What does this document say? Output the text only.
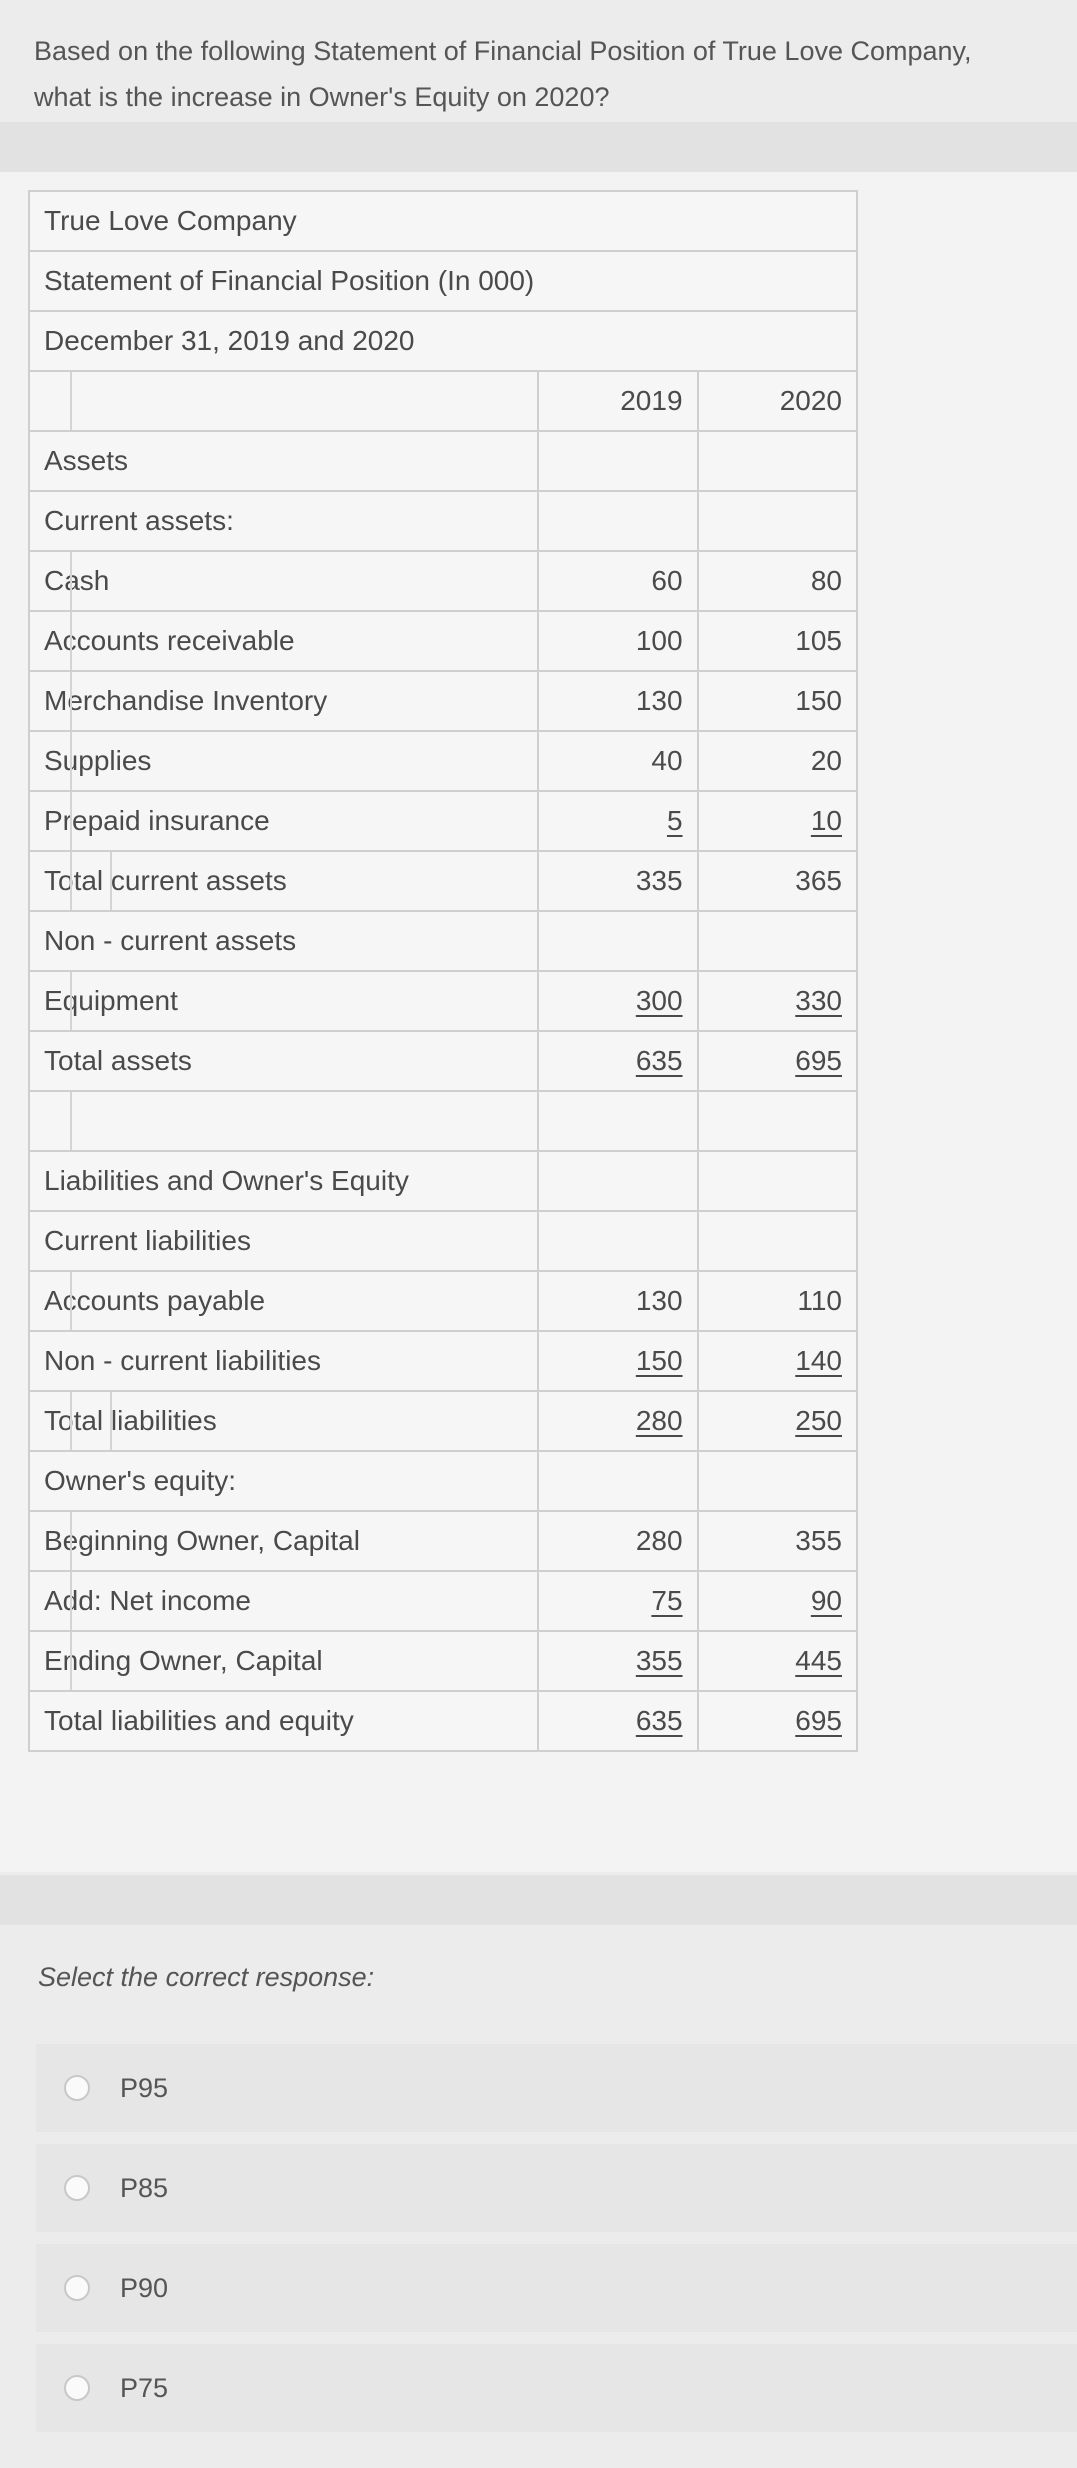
Based on the following Statement of Financial Position of True Love Company, what is the increase in Owner's Equity on 2020?
True Love Company		
Statement of Financial Position (In 000)		
December 31, 2019 and 2020		
	2019	2020
Assets		
Current assets:		
Cash	60	80
Accounts receivable	100	105
Merchandise Inventory	130	150
Supplies	40	20
Prepaid insurance	5	10
Total current assets	335	365
Non - current assets		
Equipment	300	330
Total assets	635	695

Liabilities and Owner's Equity		
Current liabilities		
Accounts payable	130	110
Non - current liabilities	150	140
Total liabilities	280	250
Owner's equity:		
Beginning Owner, Capital	280	355
Add: Net income	75	90
Ending Owner, Capital	355	445
Total liabilities and equity	635	695
Select the correct response:
P95
P85
P90
P75
